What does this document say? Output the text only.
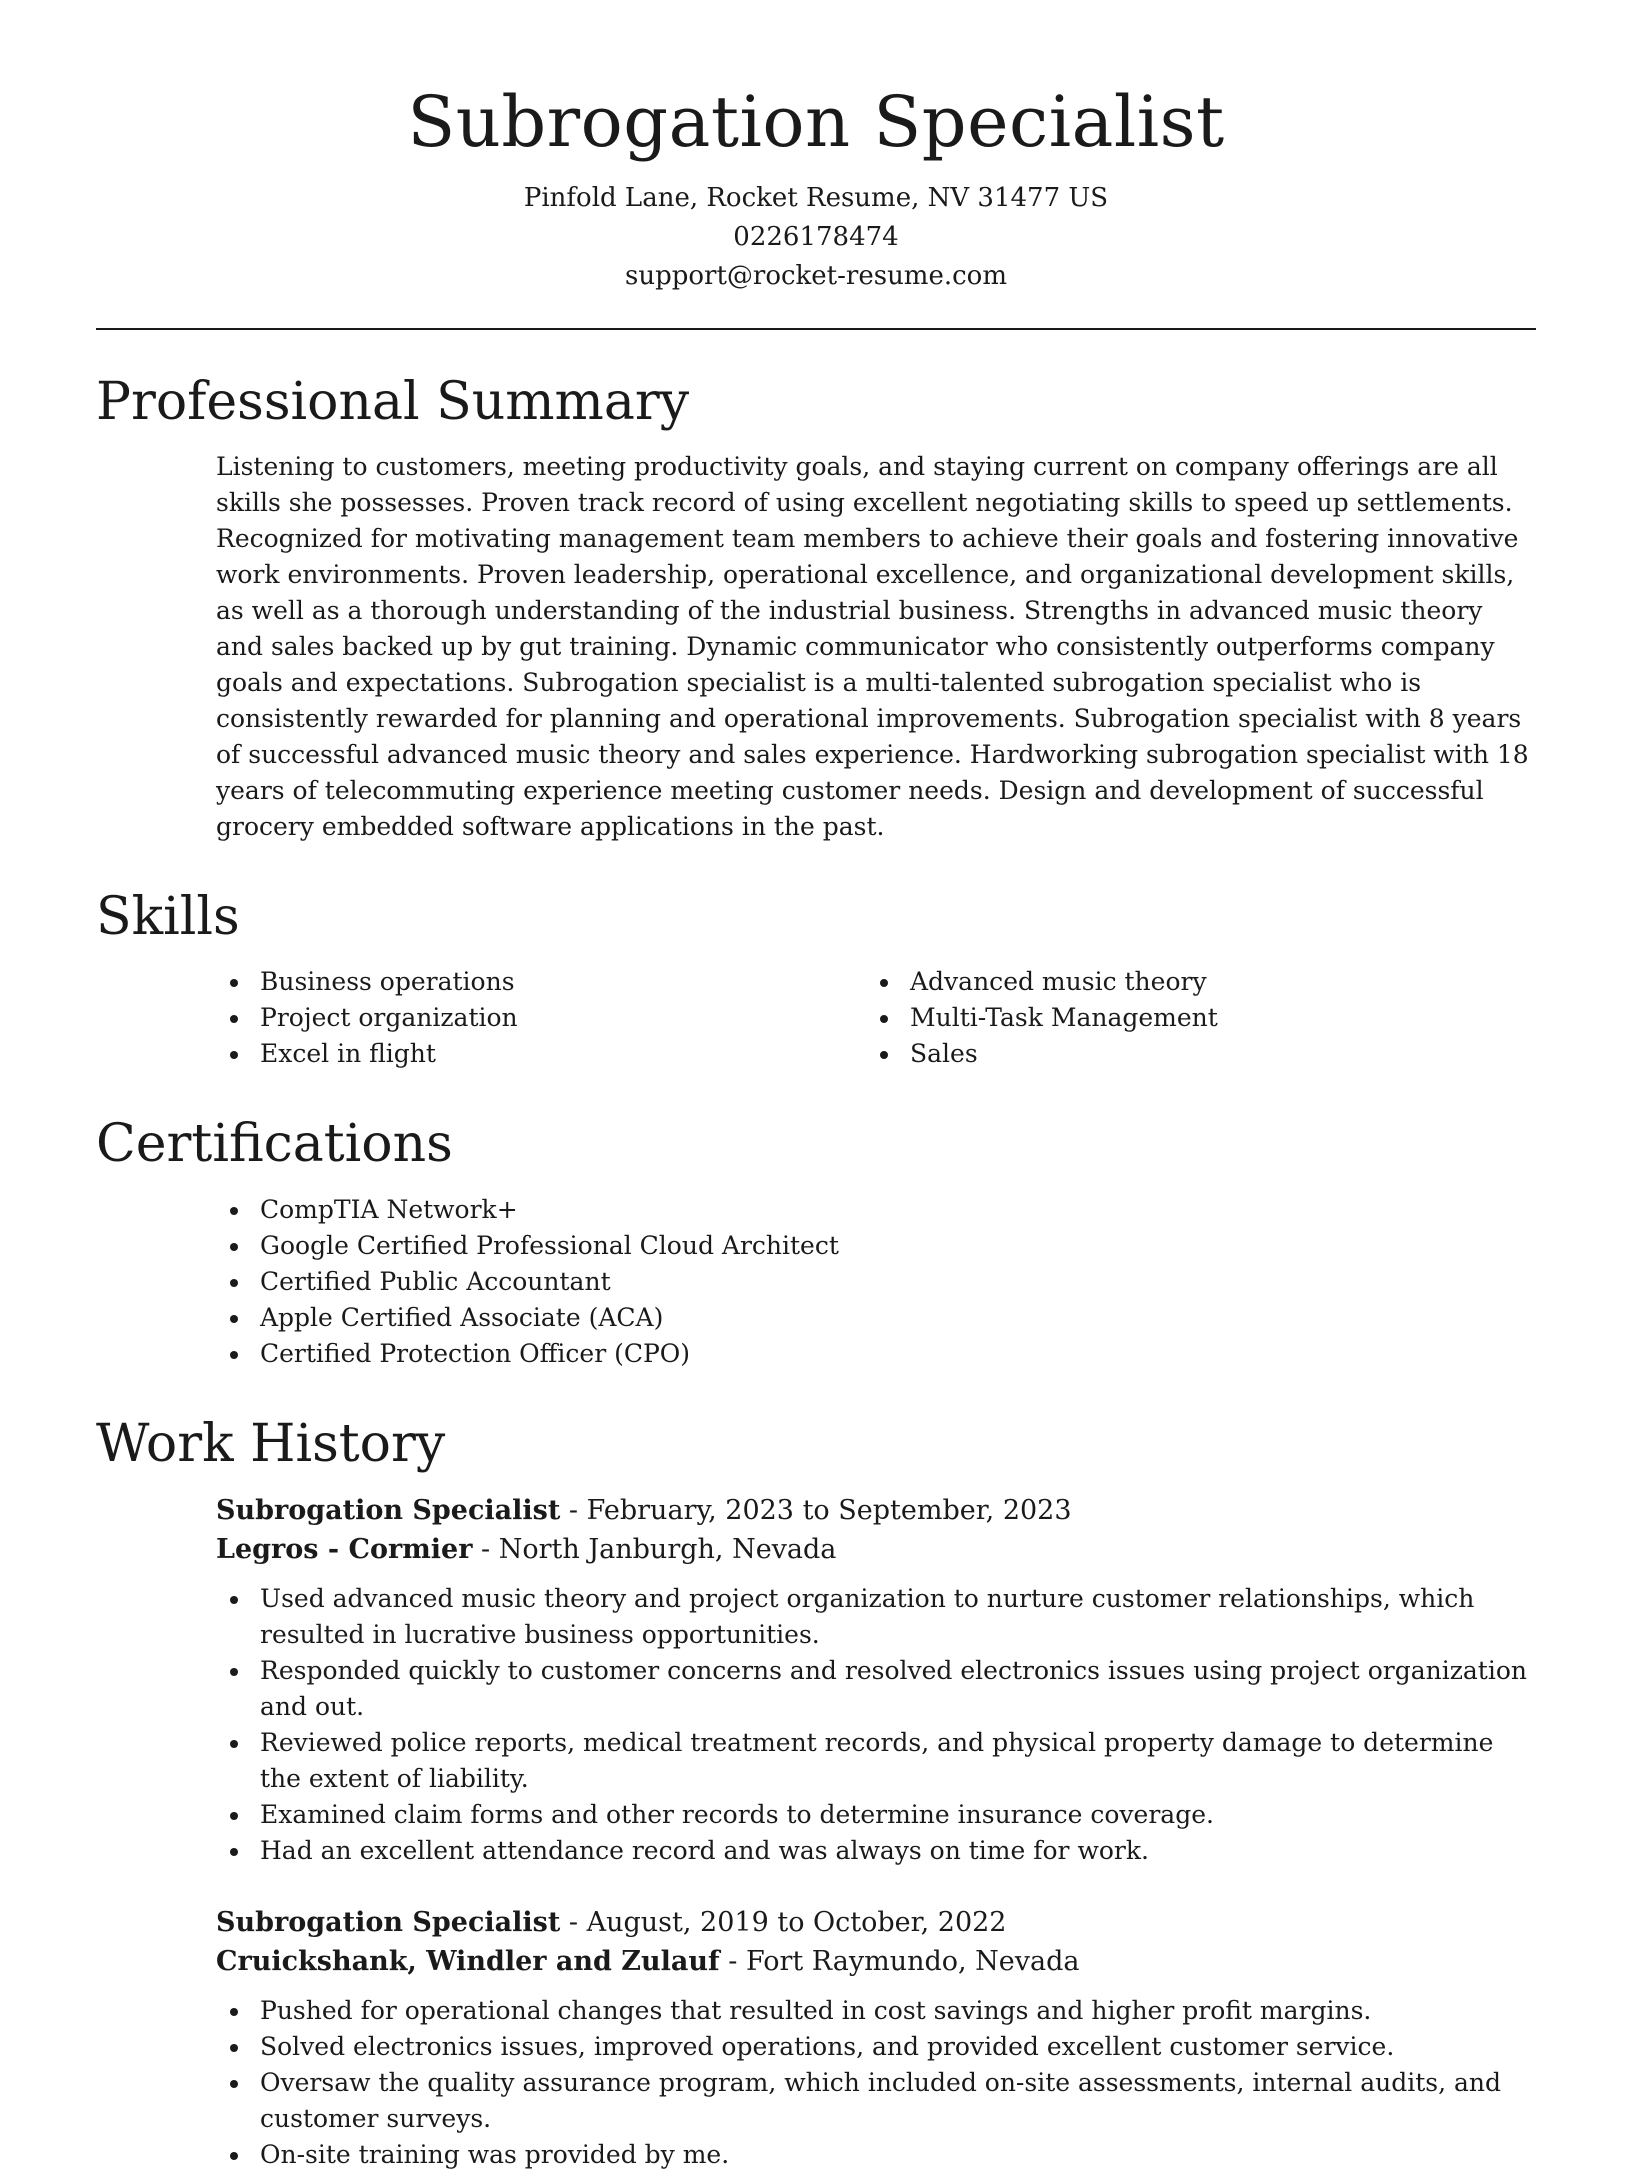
Subrogation Specialist
Pinfold Lane, Rocket Resume, NV 31477 US
0226178474
support@rocket-resume.com
Professional Summary
Listening to customers, meeting productivity goals, and staying current on company offerings are all skills she possesses. Proven track record of using excellent negotiating skills to speed up settlements. Recognized for motivating management team members to achieve their goals and fostering innovative work environments. Proven leadership, operational excellence, and organizational development skills, as well as a thorough understanding of the industrial business. Strengths in advanced music theory and sales backed up by gut training. Dynamic communicator who consistently outperforms company goals and expectations. Subrogation specialist is a multi-talented subrogation specialist who is consistently rewarded for planning and operational improvements. Subrogation specialist with 8 years of successful advanced music theory and sales experience. Hardworking subrogation specialist with 18 years of telecommuting experience meeting customer needs. Design and development of successful grocery embedded software applications in the past.
Skills
Business operations
Project organization
Excel in flight
Advanced music theory
Multi-Task Management
Sales
Certifications
CompTIA Network+
Google Certified Professional Cloud Architect
Certified Public Accountant
Apple Certified Associate (ACA)
Certified Protection Officer (CPO)
Work History
Subrogation Specialist - February, 2023 to September, 2023
Legros - Cormier - North Janburgh, Nevada
Used advanced music theory and project organization to nurture customer relationships, which resulted in lucrative business opportunities.
Responded quickly to customer concerns and resolved electronics issues using project organization and out.
Reviewed police reports, medical treatment records, and physical property damage to determine the extent of liability.
Examined claim forms and other records to determine insurance coverage.
Had an excellent attendance record and was always on time for work.
Subrogation Specialist - August, 2019 to October, 2022
Cruickshank, Windler and Zulauf - Fort Raymundo, Nevada
Pushed for operational changes that resulted in cost savings and higher profit margins.
Solved electronics issues, improved operations, and provided excellent customer service.
Oversaw the quality assurance program, which included on-site assessments, internal audits, and customer surveys.
On-site training was provided by me.
